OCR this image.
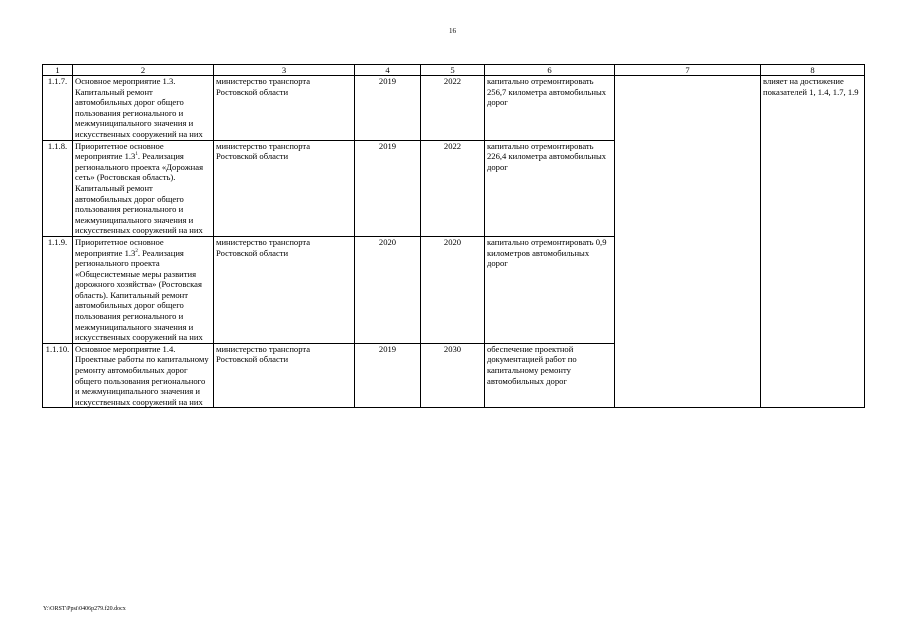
16
1	2	3	4	5	6	7	8
1.1.7.	Основное мероприятие 1.3. Капитальный ремонт автомобильных дорог общего пользования регионального и межмуниципального значения и искусственных сооружений на них	министерство транспорта Ростовской области	2019	2022	капитально отремонтировать 256,7 километра автомобильных дорог		влияет на достижение показателей 1, 1.4, 1.7, 1.9
1.1.8.	Приоритетное основное мероприятие $1.3^1$. Реализация регионального проекта «Дорожная сеть» (Ростовская область). Капитальный ремонт автомобильных дорог общего пользования регионального и межмуниципального значения и искусственных сооружений на них	министерство транспорта Ростовской области	2019	2022	капитально отремонтировать 226,4 километра автомобильных дорог		
1.1.9.	Приоритетное основное мероприятие $1.3^2$. Реализация регионального проекта «Общесистемные меры развития дорожного хозяйства» (Ростовская область). Капитальный ремонт автомобильных дорог общего пользования регионального и межмуниципального значения и искусственных сооружений на них	министерство транспорта Ростовской области	2020	2020	капитально отремонтировать 0,9 километров автомобильных дорог		
1.1.10.	Основное мероприятие 1.4. Проектные работы по капитальному ремонту автомобильных дорог общего пользования регионального и межмуниципального значения и искусственных сооружений на них	министерство транспорта Ростовской области	2019	2030	обеспечение проектной документацией работ по капитальному ремонту автомобильных дорог		
Y:\ORST\Ppsi\0406p279.f20.docx
